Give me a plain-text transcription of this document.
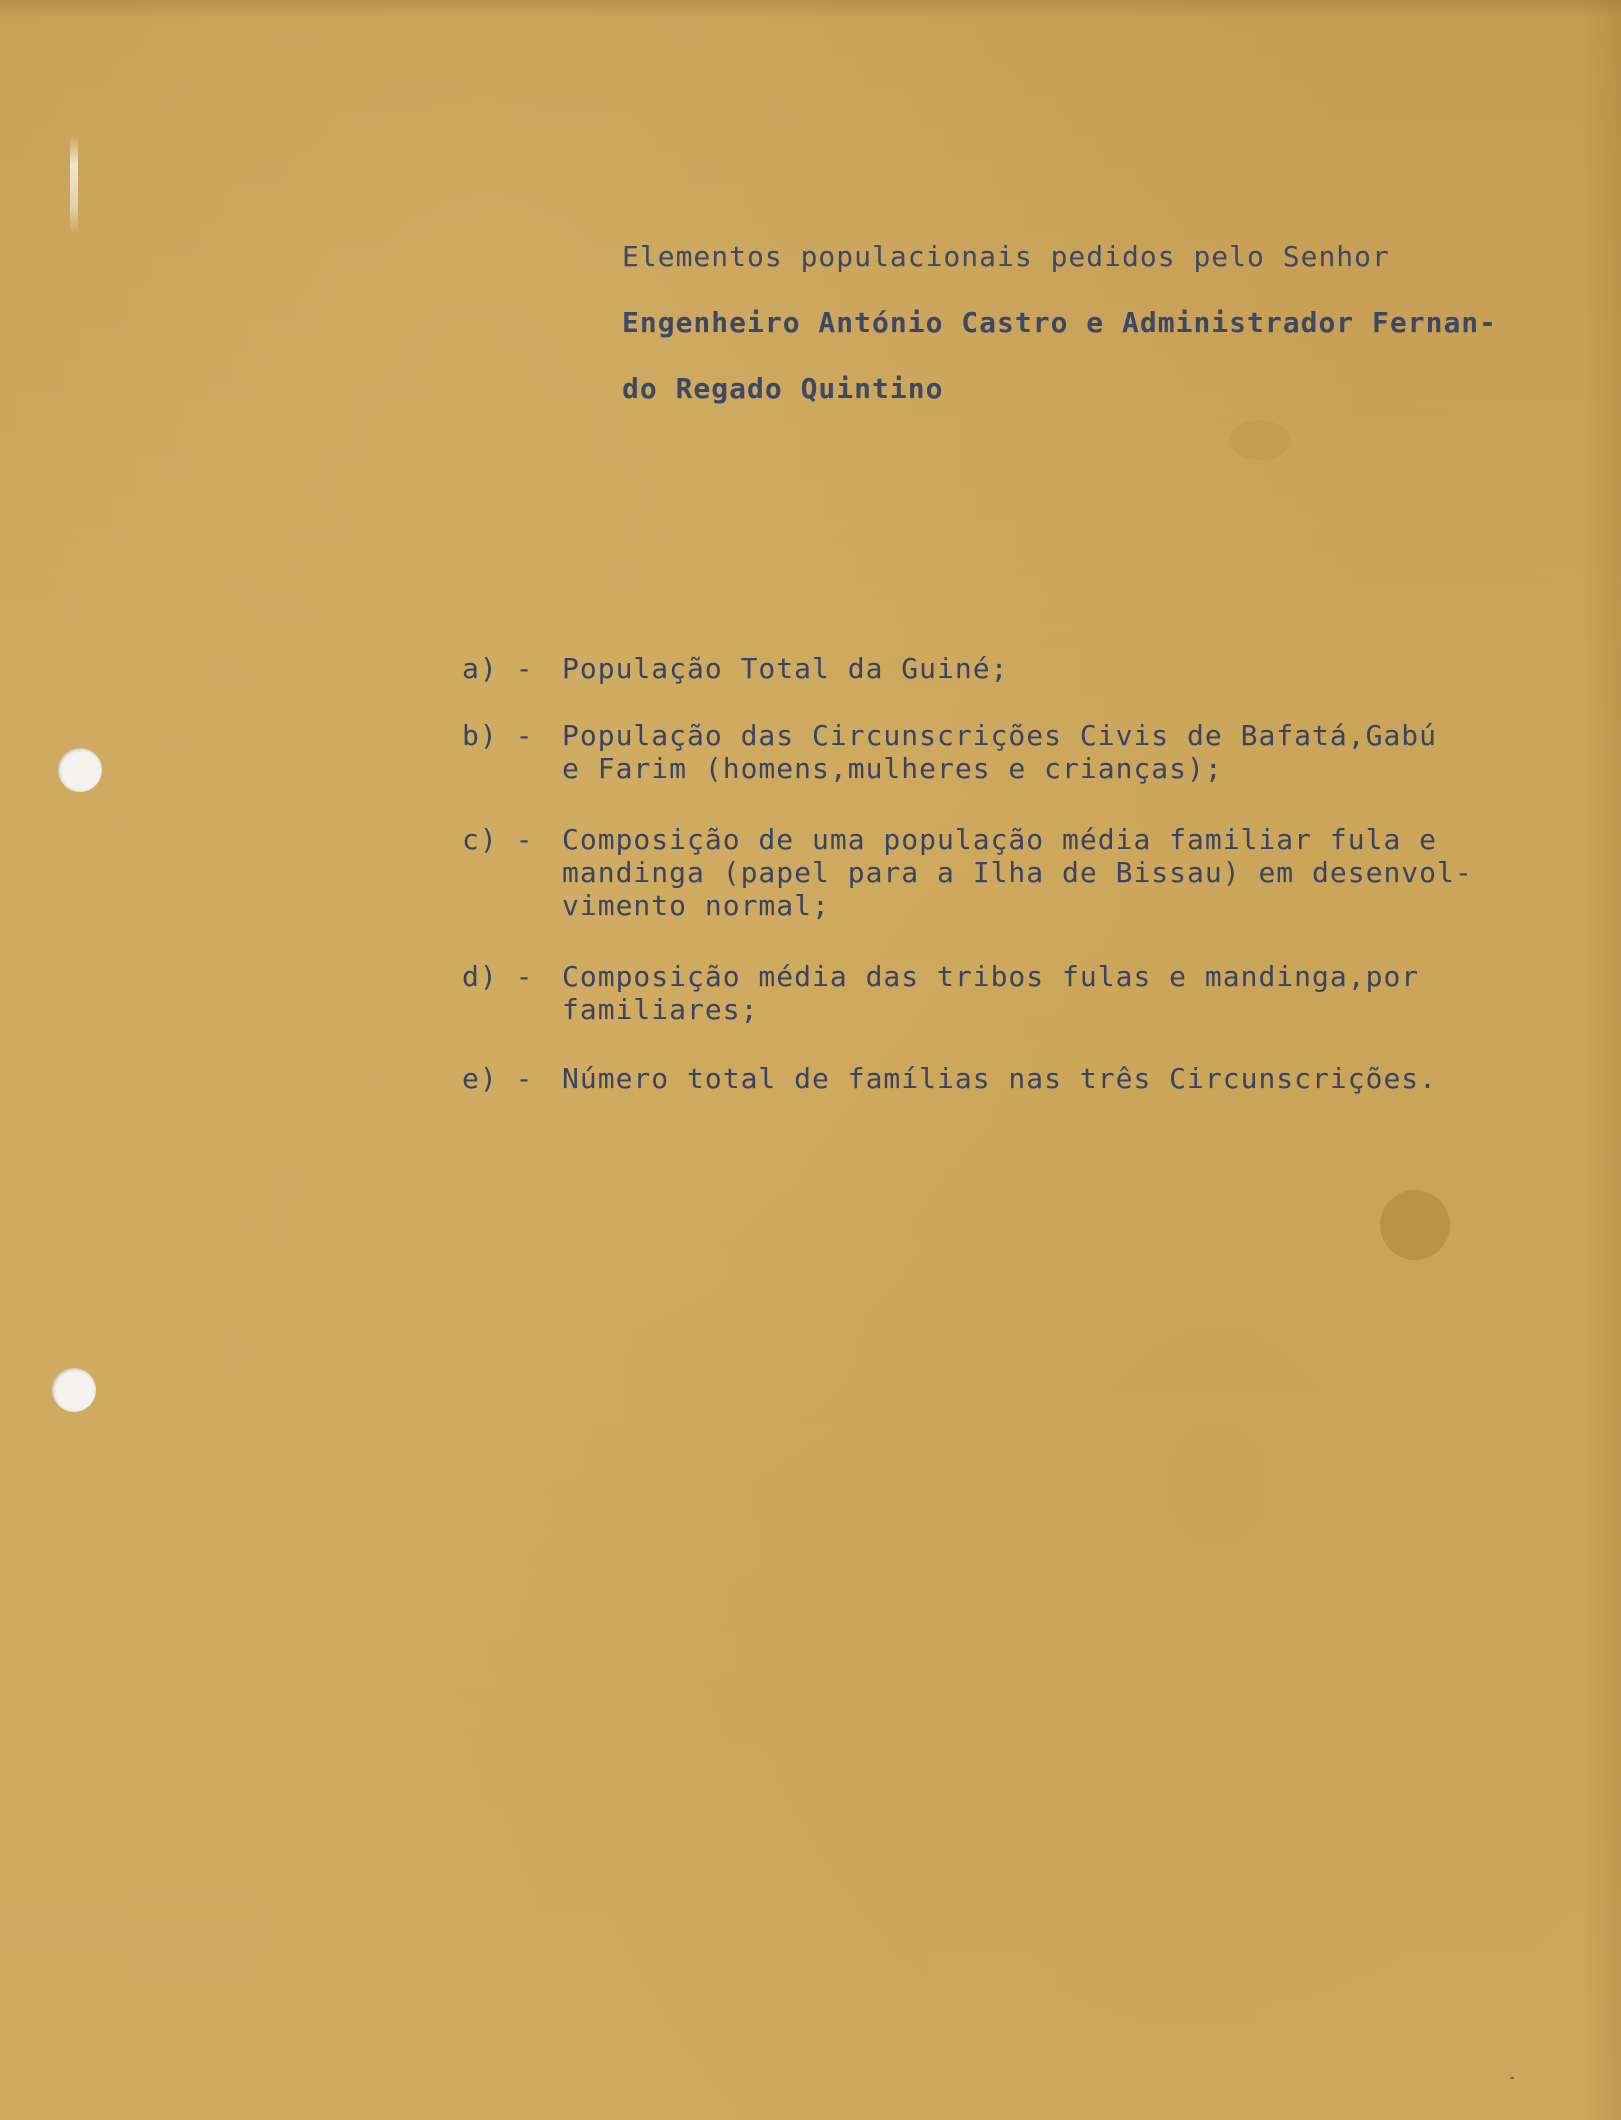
Elementos populacionais pedidos pelo Senhor
Engenheiro António Castro e Administrador Fernan-
do Regado Quintino
a) - População Total da Guiné;
b) - População das Circunscrições Civis de Bafatá,Gabú
e Farim (homens,mulheres e crianças);
c) - Composição de uma população média familiar fula e
mandinga (papel para a Ilha de Bissau) em desenvol-
vimento normal;
d) - Composição média das tribos fulas e mandinga,por
familiares;
e) - Número total de famílias nas três Circunscrições.
-
